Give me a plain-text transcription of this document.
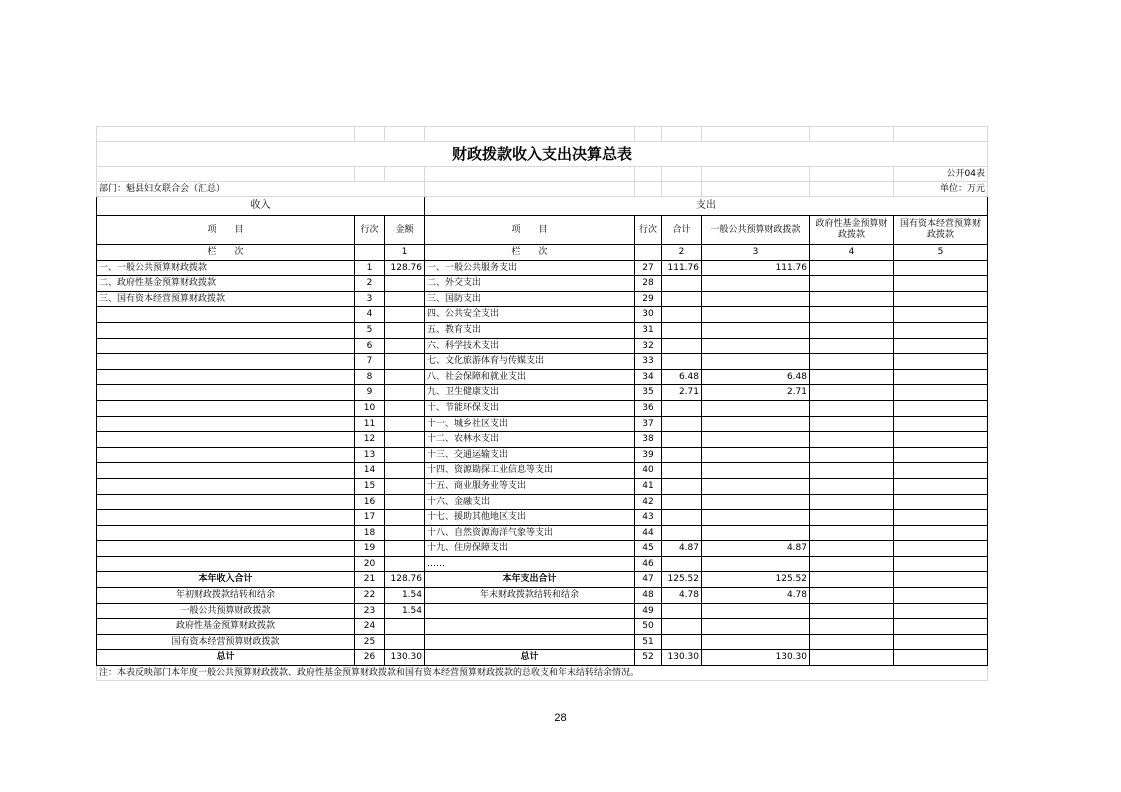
财政拨款收入支出决算总表								
								公开04表
部门：魁县妇女联合会（汇总）								单位：万元
收入			支出					
项　　目	行次	金额	项　　目	行次	合计	一般公共预算财政拨款	政府性基金预算财政拨款	国有资本经营预算财政拨款
栏　　次		1	栏　　次		2	3	4	5
一、一般公共预算财政拨款	1	128.76	一、一般公共服务支出	27	111.76	111.76		
二、政府性基金预算财政拨款	2		二、外交支出	28				
三、国有资本经营预算财政拨款	3		三、国防支出	29				
	4		四、公共安全支出	30				
	5		五、教育支出	31				
	6		六、科学技术支出	32				
	7		七、文化旅游体育与传媒支出	33				
	8		八、社会保障和就业支出	34	6.48	6.48		
	9		九、卫生健康支出	35	2.71	2.71		
	10		十、节能环保支出	36				
	11		十一、城乡社区支出	37				
	12		十二、农林水支出	38				
	13		十三、交通运输支出	39				
	14		十四、资源勘探工业信息等支出	40				
	15		十五、商业服务业等支出	41				
	16		十六、金融支出	42				
	17		十七、援助其他地区支出	43				
	18		十八、自然资源海洋气象等支出	44				
	19		十九、住房保障支出	45	4.87	4.87		
	20		……	46				
本年收入合计	21	128.76	本年支出合计	47	125.52	125.52		
年初财政拨款结转和结余	22	1.54	年末财政拨款结转和结余	48	4.78	4.78		
一般公共预算财政拨款	23	1.54		49				
政府性基金预算财政拨款	24			50				
国有资本经营预算财政拨款	25			51				
总计	26	130.30	总计	52	130.30	130.30		
注：本表反映部门本年度一般公共预算财政拨款、政府性基金预算财政拨款和国有资本经营预算财政拨款的总收支和年末结转结余情况。								
28
